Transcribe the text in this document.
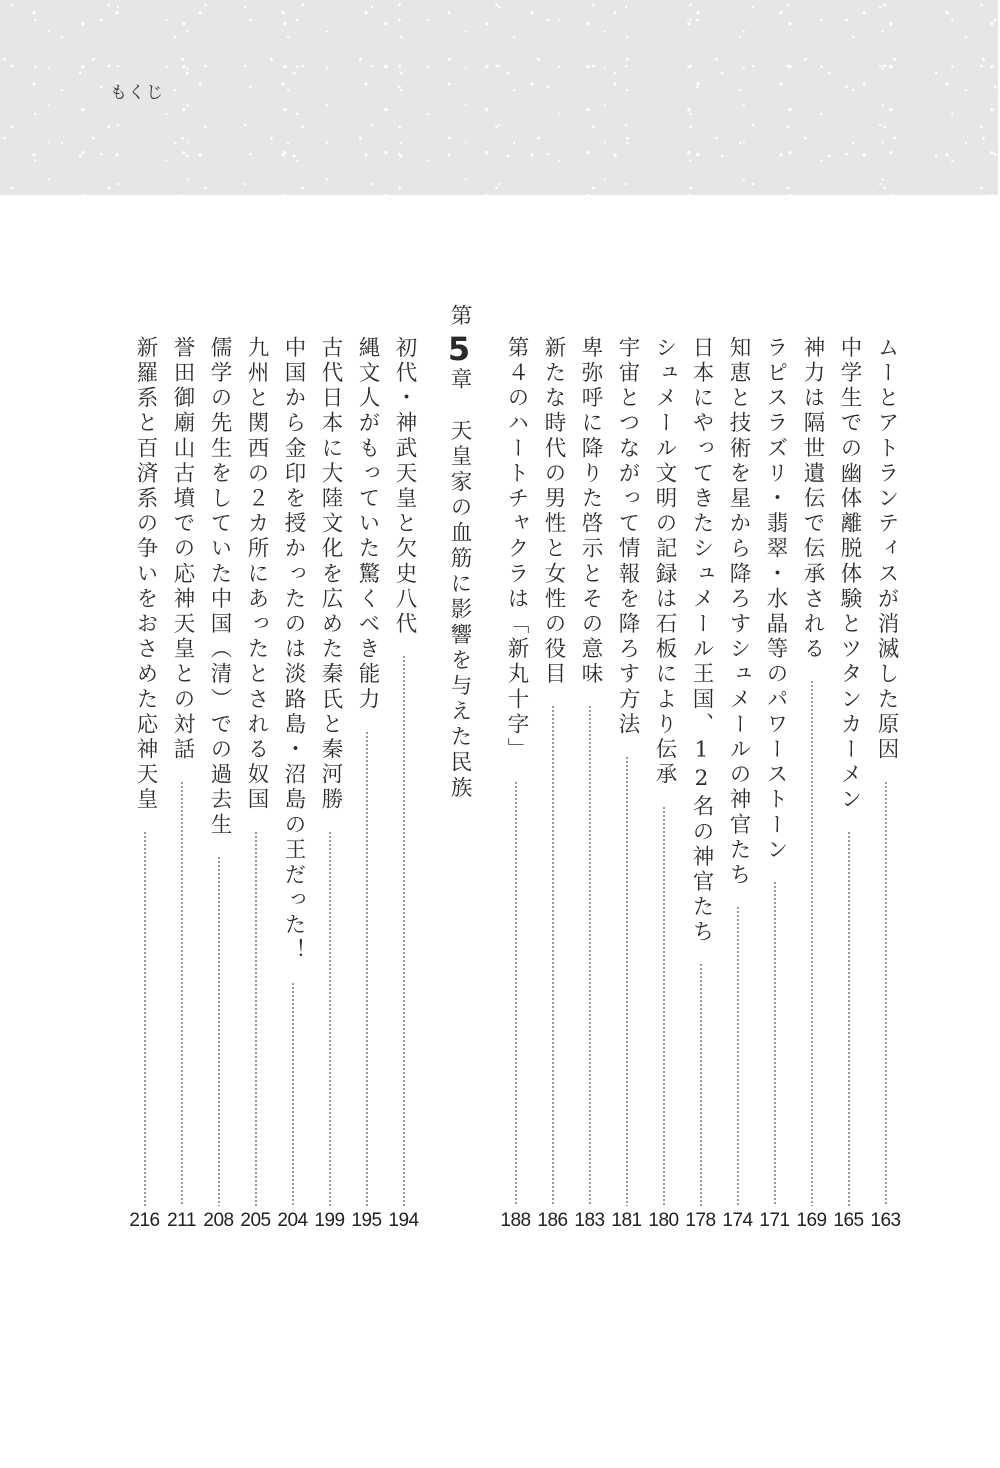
もくじ
ムーとアトランティスが消滅した原因
中学生での幽体離脱体験とツタンカーメン
神力は隔世遺伝で伝承される
ラピスラズリ・翡翠・水晶等のパワーストーン
知恵と技術を星から降ろすシュメールの神官たち
日本にやってきたシュメール王国、12名の神官たち
シュメール文明の記録は石板により伝承
宇宙とつながって情報を降ろす方法
卑弥呼に降りた啓示とその意味
新たな時代の男性と女性の役目
第４のハートチャクラは「新丸十字」
163
165
169
171
174
178
180
181
183
186
188
第5章天皇家の血筋に影響を与えた民族
初代・神武天皇と欠史八代
縄文人がもっていた驚くべき能力
古代日本に大陸文化を広めた秦氏と秦河勝
中国から金印を授かったのは淡路島・沼島の王だった！
九州と関西の２カ所にあったとされる奴国
儒学の先生をしていた中国（清）での過去生
誉田御廟山古墳での応神天皇との対話
新羅系と百済系の争いをおさめた応神天皇
194
195
199
204
205
208
211
216
